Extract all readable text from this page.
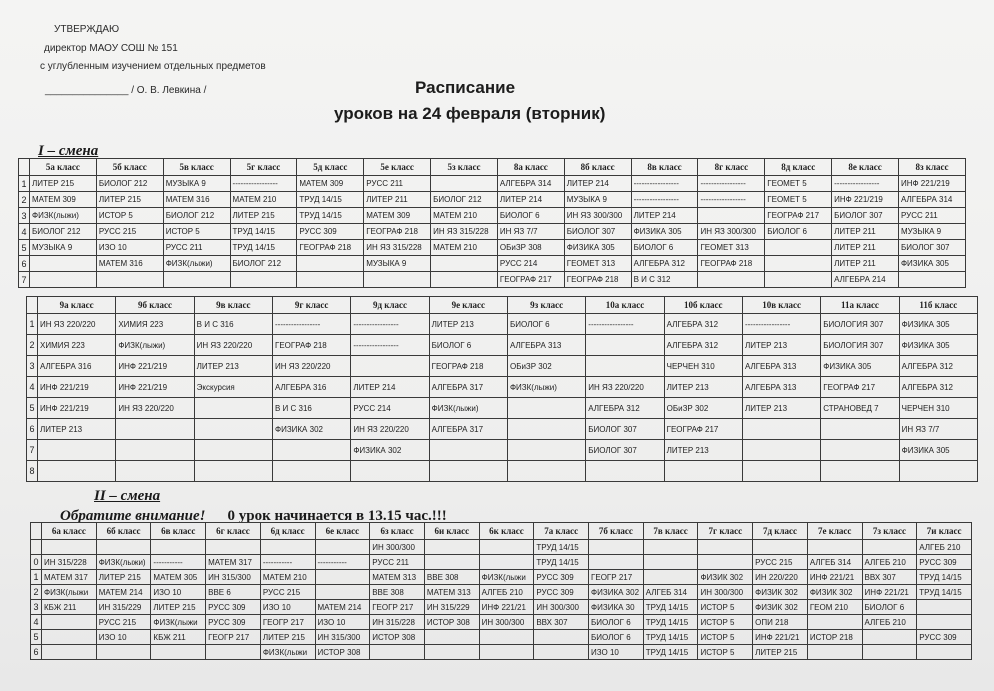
УТВЕРЖДАЮ
директор МАОУ СОШ № 151
с углубленным изучением отдельных предметов
_______________ / О. В. Левкина /	Расписание
уроков на 24 февраля (вторник)
I – смена
	5а класс	5б класс	5в класс	5г класс	5д класс	5е класс	5з класс	8а класс	8б класс	8в класс	8г класс	8д класс	8е класс	8з класс
1	ЛИТЕР 215	БИОЛОГ 212	МУЗЫКА 9	-----------------	МАТЕМ 309	РУСС 211		АЛГЕБРА 314	ЛИТЕР 214	-----------------	-----------------	ГЕОМЕТ 5	-----------------	ИНФ 221/219
2	МАТЕМ 309	ЛИТЕР 215	МАТЕМ 316	МАТЕМ 210	ТРУД 14/15	ЛИТЕР 211	БИОЛОГ 212	ЛИТЕР 214	МУЗЫКА 9	-----------------	-----------------	ГЕОМЕТ 5	ИНФ 221/219	АЛГЕБРА 314
3	ФИЗК(лыжи)	ИСТОР 5	БИОЛОГ 212	ЛИТЕР 215	ТРУД 14/15	МАТЕМ 309	МАТЕМ 210	БИОЛОГ 6	ИН ЯЗ 300/300	ЛИТЕР 214		ГЕОГРАФ 217	БИОЛОГ 307	РУСС 211
4	БИОЛОГ 212	РУСС 215	ИСТОР 5	ТРУД 14/15	РУСС 309	ГЕОГРАФ 218	ИН ЯЗ 315/228	ИН ЯЗ 7/7	БИОЛОГ 307	ФИЗИКА 305	ИН ЯЗ 300/300	БИОЛОГ 6	ЛИТЕР 211	МУЗЫКА 9
5	МУЗЫКА 9	ИЗО 10	РУСС 211	ТРУД 14/15	ГЕОГРАФ 218	ИН ЯЗ 315/228	МАТЕМ 210	ОБиЗР 308	ФИЗИКА 305	БИОЛОГ 6	ГЕОМЕТ 313		ЛИТЕР 211	БИОЛОГ 307
6		МАТЕМ 316	ФИЗК(лыжи)	БИОЛОГ 212		МУЗЫКА 9		РУСС 214	ГЕОМЕТ 313	АЛГЕБРА 312	ГЕОГРАФ 218		ЛИТЕР 211	ФИЗИКА 305
7								ГЕОГРАФ 217	ГЕОГРАФ 218	В И С 312			АЛГЕБРА 214	
	9а класс	9б класс	9в класс	9г класс	9д класс	9е класс	9з класс	10а класс	10б класс	10в класс	11а класс	11б класс
1	ИН ЯЗ 220/220	ХИМИЯ 223	В И С 316	-----------------	-----------------	ЛИТЕР 213	БИОЛОГ 6	-----------------	АЛГЕБРА 312	-----------------	БИОЛОГИЯ 307	ФИЗИКА 305
2	ХИМИЯ 223	ФИЗК(лыжи)	ИН ЯЗ 220/220	ГЕОГРАФ 218	-----------------	БИОЛОГ 6	АЛГЕБРА 313		АЛГЕБРА 312	ЛИТЕР 213	БИОЛОГИЯ 307	ФИЗИКА 305
3	АЛГЕБРА 316	ИНФ 221/219	ЛИТЕР 213	ИН ЯЗ 220/220		ГЕОГРАФ 218	ОБиЗР 302		ЧЕРЧЕН 310	АЛГЕБРА 313	ФИЗИКА 305	АЛГЕБРА 312
4	ИНФ 221/219	ИНФ 221/219	Экскурсия	АЛГЕБРА 316	ЛИТЕР 214	АЛГЕБРА 317	ФИЗК(лыжи)	ИН ЯЗ 220/220	ЛИТЕР 213	АЛГЕБРА 313	ГЕОГРАФ 217	АЛГЕБРА 312
5	ИНФ 221/219	ИН ЯЗ 220/220		В И С 316	РУСС 214	ФИЗК(лыжи)		АЛГЕБРА 312	ОБиЗР 302	ЛИТЕР 213	СТРАНОВЕД 7	ЧЕРЧЕН 310
6	ЛИТЕР 213			ФИЗИКА 302	ИН ЯЗ 220/220	АЛГЕБРА 317		БИОЛОГ 307	ГЕОГРАФ 217			ИН ЯЗ 7/7
7					ФИЗИКА 302			БИОЛОГ 307	ЛИТЕР 213			ФИЗИКА 305
8												
II – смена
Обратите внимание! 0 урок начинается в 13.15 час.!!!
	6а класс	6б класс	6в класс	6г класс	6д класс	6е класс	6з класс	6и класс	6к класс	7а класс	7б класс	7в класс	7г класс	7д класс	7е класс	7з класс	7и класс
							ИН 300/300			ТРУД 14/15							АЛГЕБ 210
0	ИН 315/228	ФИЗК(лыжи)	-----------	МАТЕМ 317	-----------	-----------	РУСС 211			ТРУД 14/15				РУСС 215	АЛГЕБ 314	АЛГЕБ 210	РУСС 309
1	МАТЕМ 317	ЛИТЕР 215	МАТЕМ 305	ИН 315/300	МАТЕМ 210		МАТЕМ 313	ВВЕ 308	ФИЗК(лыжи	РУСС 309	ГЕОГР 217		ФИЗИК 302	ИН 220/220	ИНФ 221/21	ВВХ 307	ТРУД 14/15
2	ФИЗК(лыжи	МАТЕМ 214	ИЗО 10	ВВЕ 6	РУСС 215		ВВЕ 308	МАТЕМ 313	АЛГЕБ 210	РУСС 309	ФИЗИКА 302	АЛГЕБ 314	ИН 300/300	ФИЗИК 302	ФИЗИК 302	ИНФ 221/21	ТРУД 14/15
3	КБЖ 211	ИН 315/229	ЛИТЕР 215	РУСС 309	ИЗО 10	МАТЕМ 214	ГЕОГР 217	ИН 315/229	ИНФ 221/21	ИН 300/300	ФИЗИКА 30	ТРУД 14/15	ИСТОР 5	ФИЗИК 302	ГЕОМ 210	БИОЛОГ 6	
4		РУСС 215	ФИЗК(лыжи	РУСС 309	ГЕОГР 217	ИЗО 10	ИН 315/228	ИСТОР 308	ИН 300/300	ВВХ 307	БИОЛОГ 6	ТРУД 14/15	ИСТОР 5	ОПИ 218		АЛГЕБ 210	
5		ИЗО 10	КБЖ 211	ГЕОГР 217	ЛИТЕР 215	ИН 315/300	ИСТОР 308				БИОЛОГ 6	ТРУД 14/15	ИСТОР 5	ИНФ 221/21	ИСТОР 218		РУСС 309
6					ФИЗК(лыжи	ИСТОР 308					ИЗО 10	ТРУД 14/15	ИСТОР 5	ЛИТЕР 215			
